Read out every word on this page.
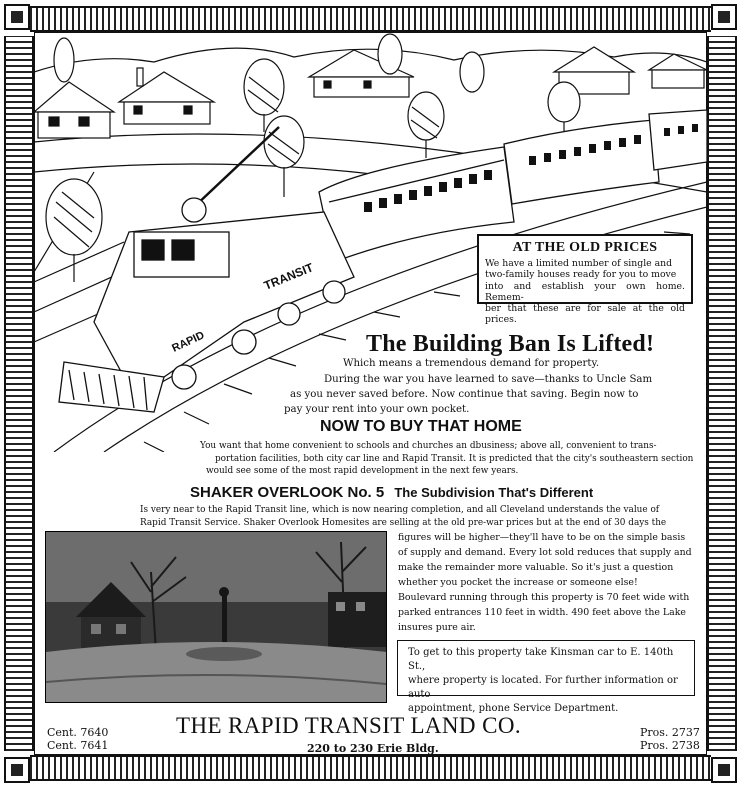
TRANSIT
RAPID
AT THE OLD PRICES
We have a limited number of single and
two-family houses ready for you to move
into and establish your own home. Remem-
ber that these are for sale at the old prices.
The Building Ban Is Lifted!
Which means a tremendous demand for property.
During the war you have learned to save—thanks to Uncle Sam
as you never saved before. Now continue that saving. Begin now to
pay your rent into your own pocket.
NOW TO BUY THAT HOME
You want that home convenient to schools and churches an dbusiness; above all, convenient to trans-
portation facilities, both city car line and Rapid Transit. It is predicted that the city's southeastern section
would see some of the most rapid development in the next few years.
SHAKER OVERLOOK No. 5 The Subdivision That's Different
Is very near to the Rapid Transit line, which is now nearing completion, and all Cleveland understands the value of
Rapid Transit Service. Shaker Overlook Homesites are selling at the old pre-war prices but at the end of 30 days the
figures will be higher—they'll have to be on the simple basis
of supply and demand. Every lot sold reduces that supply and
make the remainder more valuable. So it's just a question
whether you pocket the increase or someone else!
Boulevard running through this property is 70 feet wide with
parked entrances 110 feet in width. 490 feet above the Lake
insures pure air.
To get to this property take Kinsman car to E. 140th St.,
where property is located. For further information or auto
appointment, phone Service Department.
THE RAPID TRANSIT LAND CO.
220 to 230 Erie Bldg.
Cent. 7640
Cent. 7641
Pros. 2737
Pros. 2738
